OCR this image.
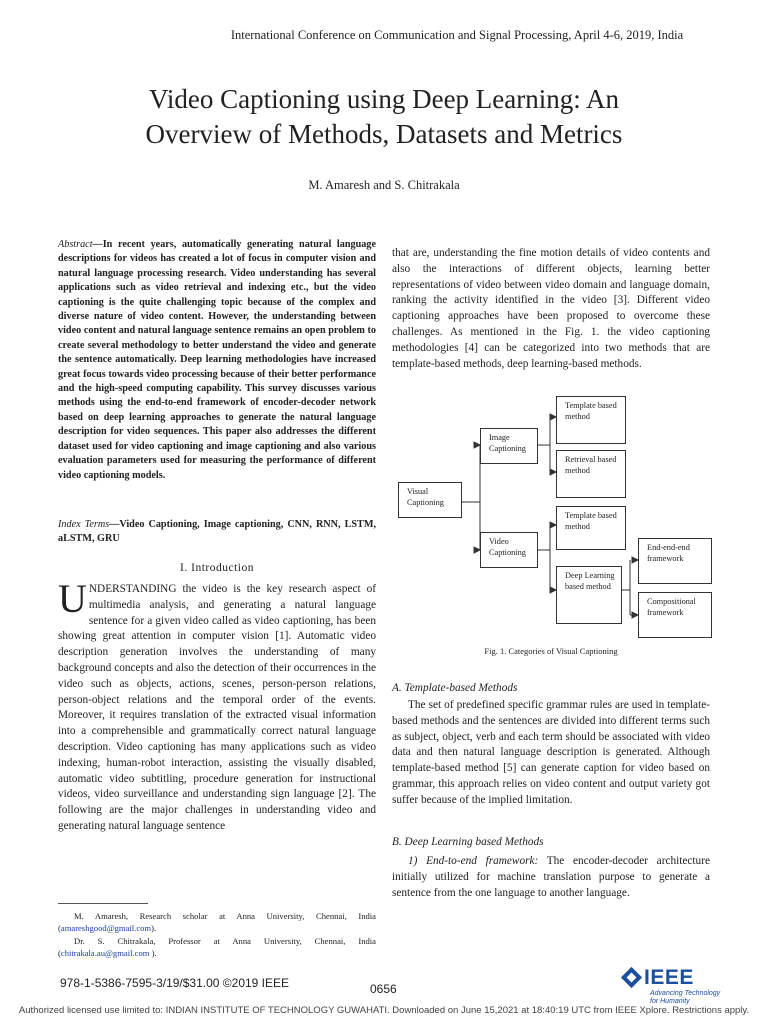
International Conference on Communication and Signal Processing, April 4-6, 2019, India
Video Captioning using Deep Learning: An
Overview of Methods, Datasets and Metrics
M. Amaresh and S. Chitrakala
Abstract—In recent years, automatically generating natural language descriptions for videos has created a lot of focus in computer vision and natural language processing research. Video understanding has several applications such as video retrieval and indexing etc., but the video captioning is the quite challenging topic because of the complex and diverse nature of video content. However, the understanding between video content and natural language sentence remains an open problem to create several methodology to better understand the video and generate the sentence automatically. Deep learning methodologies have increased great focus towards video processing because of their better performance and the high-speed computing capability. This survey discusses various methods using the end-to-end framework of encoder-decoder network based on deep learning approaches to generate the natural language description for video sequences. This paper also addresses the different dataset used for video captioning and image captioning and also various evaluation parameters used for measuring the performance of different video captioning models.
Index Terms—Video Captioning, Image captioning, CNN, RNN, LSTM, aLSTM, GRU
I. Introduction
UNDERSTANDING the video is the key research aspect of multimedia analysis, and generating a natural language sentence for a given video called as video captioning, has been showing great attention in computer vision [1]. Automatic video description generation involves the understanding of many background concepts and also the detection of their occurrences in the video such as objects, actions, scenes, person-person relations, person-object relations and the temporal order of the events. Moreover, it requires translation of the extracted visual information into a comprehensible and grammatically correct natural language description. Video captioning has many applications such as video indexing, human-robot interaction, assisting the visually disabled, automatic video subtitling, procedure generation for instructional videos, video surveillance and understanding sign language [2]. The following are the major challenges in understanding video and generating natural language sentence
M. Amaresh, Research scholar at Anna University, Chennai, India (amareshgood@gmail.com).
Dr. S. Chitrakala, Professor at Anna University, Chennai, India (chitrakala.au@gmail.com ).
that are, understanding the fine motion details of video contents and also the interactions of different objects, learning better representations of video between video domain and language domain, ranking the activity identified in the video [3]. Different video captioning approaches have been proposed to overcome these challenges. As mentioned in the Fig. 1. the video captioning methodologies [4] can be categorized into two methods that are template-based methods, deep learning-based methods.
Visual Captioning
Image Captioning
Video Captioning
Template based method
Retrieval based method
Template based method
Deep Learning based method
End-end-end framework
Compositional framework
Fig. 1. Categories of Visual Captioning
A. Template-based Methods
The set of predefined specific grammar rules are used in template-based methods and the sentences are divided into different terms such as subject, object, verb and each term should be associated with video data and then natural language description is generated. Although template-based method [5] can generate caption for video based on grammar, this approach relies on video content and output variety got suffer because of the implied limitation.
B. Deep Learning based Methods
1) End-to-end framework: The encoder-decoder architecture initially utilized for machine translation purpose to generate a sentence from the one language to another language.
978-1-5386-7595-3/19/$31.00 ©2019 IEEE	0656	IEEE
Advancing Technology
for Humanity
Authorized licensed use limited to: INDIAN INSTITUTE OF TECHNOLOGY GUWAHATI. Downloaded on June 15,2021 at 18:40:19 UTC from IEEE Xplore. Restrictions apply.
